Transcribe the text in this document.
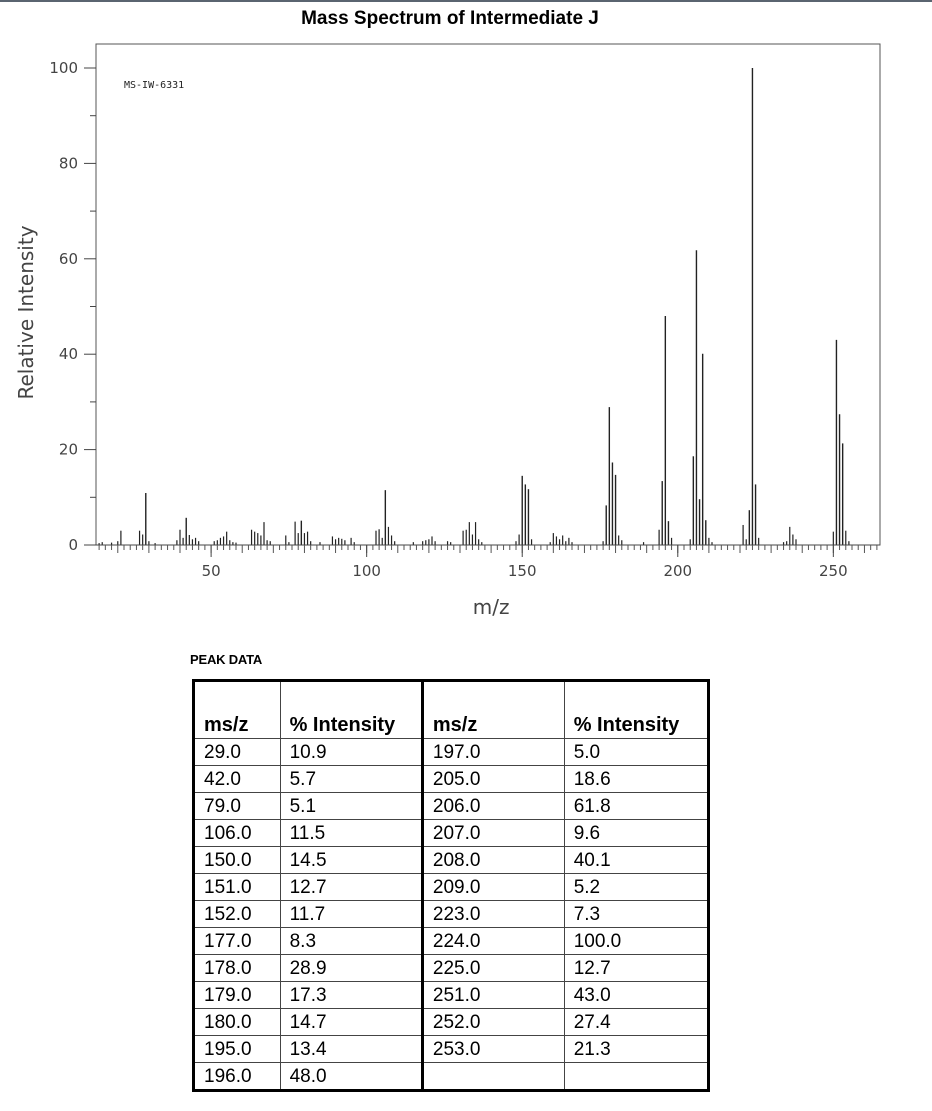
Mass Spectrum of Intermediate J
50	100	150	200	250
0
20
40
60
80
100
MS-IW-6331
m/z
Relative Intensity
PEAK DATA
ms/z	% Intensity	ms/z	% Intensity
29.0	10.9	197.0	5.0
42.0	5.7	205.0	18.6
79.0	5.1	206.0	61.8
106.0	11.5	207.0	9.6
150.0	14.5	208.0	40.1
151.0	12.7	209.0	5.2
152.0	11.7	223.0	7.3
177.0	8.3	224.0	100.0
178.0	28.9	225.0	12.7
179.0	17.3	251.0	43.0
180.0	14.7	252.0	27.4
195.0	13.4	253.0	21.3
196.0	48.0		
